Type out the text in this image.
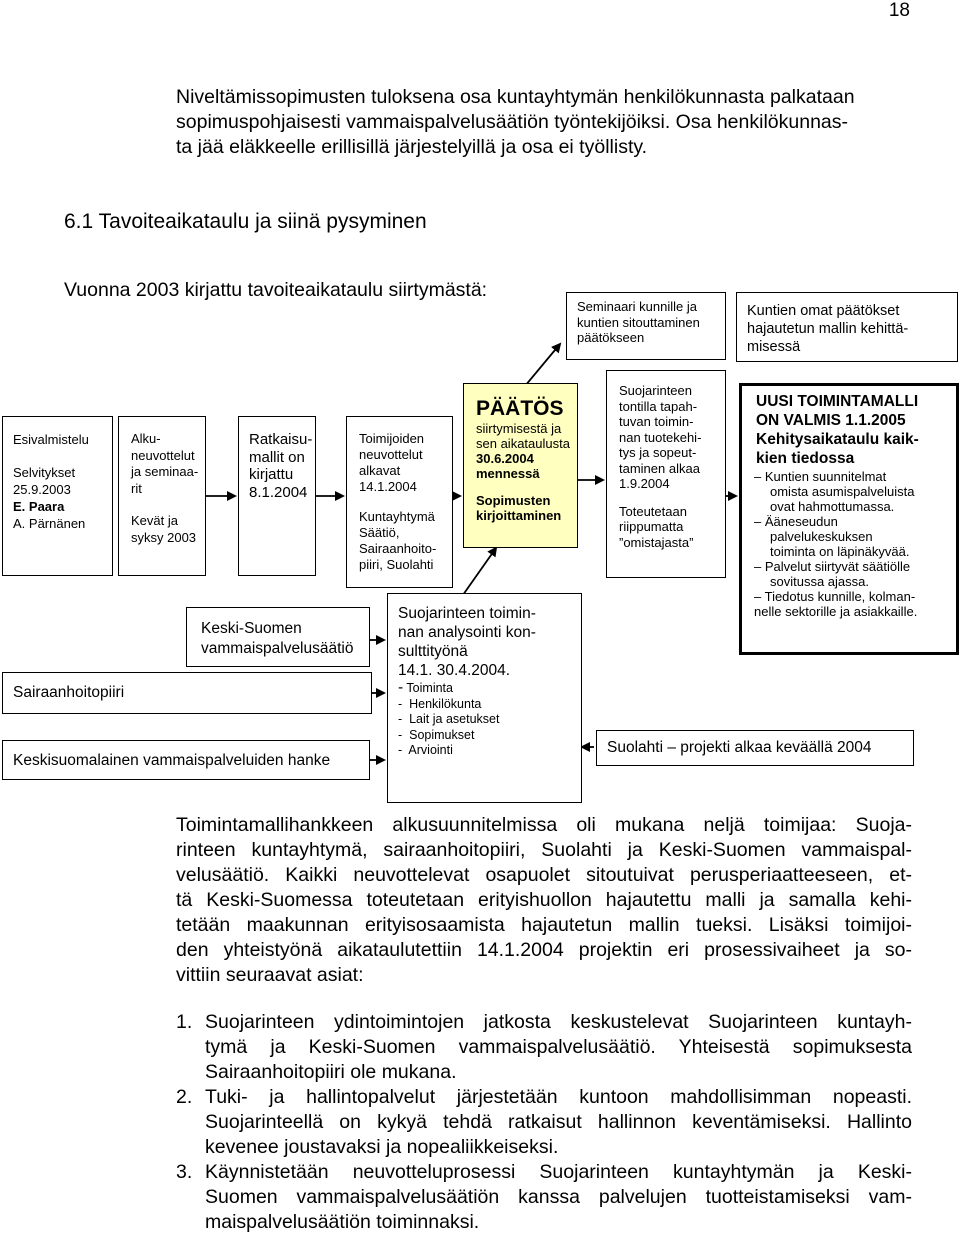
18
Niveltämissopimusten tuloksena osa kuntayhtymän henkilökunnasta palkataan
sopimuspohjaisesti vammaispalvelusäätiön työntekijöiksi. Osa henkilökunnas-
ta jää eläkkeelle erillisillä järjestelyillä ja osa ei työllisty.
6.1 Tavoiteaikataulu ja siinä pysyminen
Vuonna 2003 kirjattu tavoiteaikataulu siirtymästä:
Seminaari kunnille ja
kuntien sitouttaminen
päätökseen
Kuntien omat päätökset
hajautetun mallin kehittä-
misessä
Esivalmistelu
Selvitykset
25.9.2003
E. Paara
A. Pärnänen
Alku-
neuvottelut
ja seminaa-
rit
Kevät ja
syksy 2003
Ratkaisu-
mallit on
kirjattu
8.1.2004
Toimijoiden
neuvottelut
alkavat
14.1.2004
Kuntayhtymä
Säätiö,
Sairaanhoito-
piiri, Suolahti
PÄÄTÖS
siirtymisestä ja
sen aikataulusta
30.6.2004
mennessä
Sopimusten
kirjoittaminen
Suojarinteen
tontilla tapah-
tuvan toimin-
nan tuotekehi-
tys ja sopeut-
taminen alkaa
1.9.2004
Toteutetaan
riippumatta
”omistajasta”
UUSI TOIMINTAMALLI
ON VALMIS 1.1.2005
Kehitysaikataulu kaik-
kien tiedossa
– Kuntien suunnitelmat
omista asumispalveluista
ovat hahmottumassa.
– Ääneseudun
palvelukeskuksen
toiminta on läpinäkyvää.
– Palvelut siirtyvät säätiölle
sovitussa ajassa.
– Tiedotus kunnille, kolman-
nelle sektorille ja asiakkaille.
Keski-Suomen
vammaispalvelusäätiö
Sairaanhoitopiiri
Keskisuomalainen vammaispalveluiden hanke
Suojarinteen toimin-
nan analysointi kon-
sulttityönä
14.1. 30.4.2004.
- Toiminta
-  Henkilökunta
-  Lait ja asetukset
-  Sopimukset
-  Arviointi	Suolahti – projekti alkaa keväällä 2004
Toimintamallihankkeen alkusuunnitelmissa oli mukana neljä toimijaa: Suoja-
rinteen kuntayhtymä, sairaanhoitopiiri, Suolahti ja Keski-Suomen vammaispal-
velusäätiö. Kaikki neuvottelevat osapuolet sitoutuivat perusperiaatteeseen, et-
tä Keski-Suomessa toteutetaan erityishuollon hajautettu malli ja samalla kehi-
tetään maakunnan erityisosaamista hajautetun mallin tueksi. Lisäksi toimijoi-
den yhteistyönä aikataulutettiin 14.1.2004 projektin eri prosessivaiheet ja so-
vittiin seuraavat asiat:
1. Suojarinteen ydintoimintojen jatkosta keskustelevat Suojarinteen kuntayh-
tymä ja Keski-Suomen vammaispalvelusäätiö. Yhteisestä sopimuksesta
Sairaanhoitopiiri ole mukana.
2. Tuki- ja hallintopalvelut järjestetään kuntoon mahdollisimman nopeasti.
Suojarinteellä on kykyä tehdä ratkaisut hallinnon keventämiseksi. Hallinto
kevenee joustavaksi ja nopealiikkeiseksi.
3. Käynnistetään neuvotteluprosessi Suojarinteen kuntayhtymän ja Keski-
Suomen vammaispalvelusäätiön kanssa palvelujen tuotteistamiseksi vam-
maispalvelusäätiön toiminnaksi.
